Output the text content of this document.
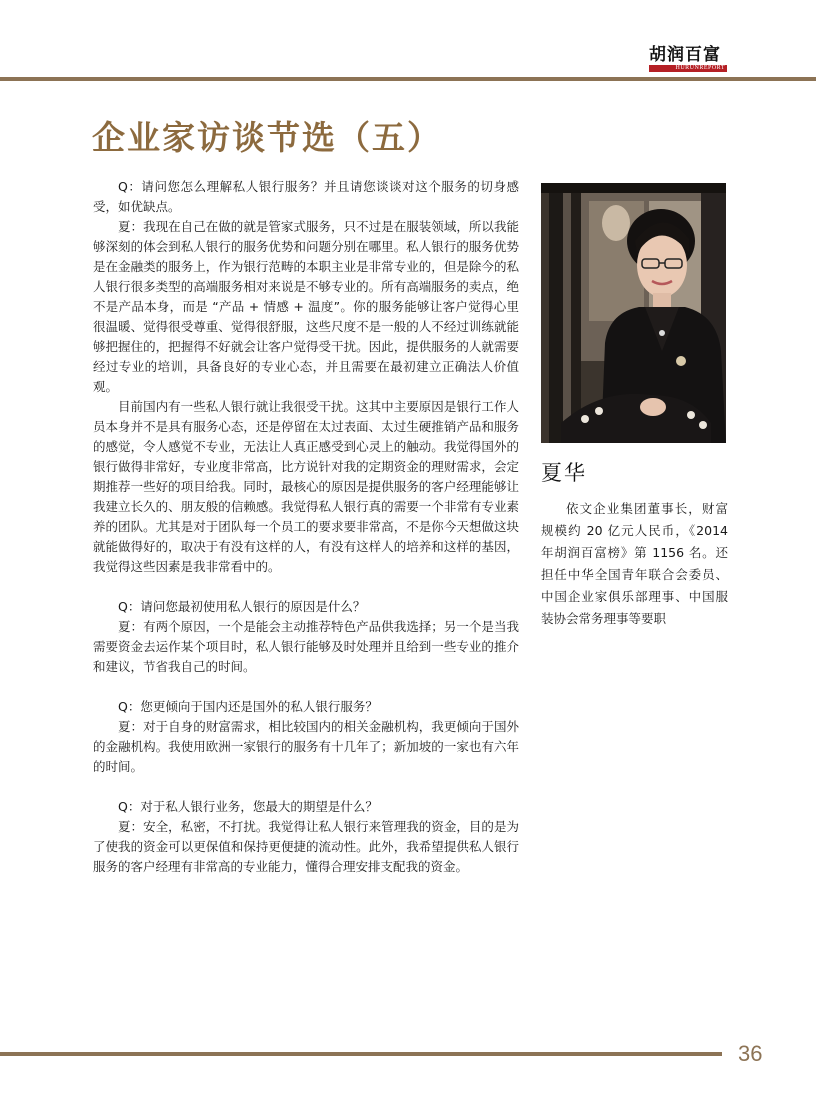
胡润百富
HURUNREPORT
企业家访谈节选（五）

Q：请问您怎么理解私人银行服务？并且请您谈谈对这个服务的切身感受，如优缺点。

夏：我现在自己在做的就是管家式服务，只不过是在服装领域，所以我能够深刻的体会到私人银行的服务优势和问题分别在哪里。私人银行的服务优势是在金融类的服务上，作为银行范畴的本职主业是非常专业的，但是除今的私人银行很多类型的高端服务相对来说是不够专业的。所有高端服务的卖点，绝不是产品本身，而是 “产品 + 情感 + 温度”。你的服务能够让客户觉得心里很温暖、觉得很受尊重、觉得很舒服，这些尺度不是一般的人不经过训练就能够把握住的，把握得不好就会让客户觉得受干扰。因此，提供服务的人就需要经过专业的培训，具备良好的专业心态，并且需要在最初建立正确法人价值观。

目前国内有一些私人银行就让我很受干扰。这其中主要原因是银行工作人员本身并不是具有服务心态，还是停留在太过表面、太过生硬推销产品和服务的感觉，令人感觉不专业，无法让人真正感受到心灵上的触动。我觉得国外的银行做得非常好，专业度非常高，比方说针对我的定期资金的理财需求，会定期推荐一些好的项目给我。同时，最核心的原因是提供服务的客户经理能够让我建立长久的、朋友般的信赖感。我觉得私人银行真的需要一个非常有专业素养的团队。尤其是对于团队每一个员工的要求要非常高，不是你今天想做这块就能做得好的，取决于有没有这样的人，有没有这样人的培养和这样的基因，我觉得这些因素是我非常看中的。

Q：请问您最初使用私人银行的原因是什么？

夏：有两个原因，一个是能会主动推荐特色产品供我选择；另一个是当我需要资金去运作某个项目时，私人银行能够及时处理并且给到一些专业的推介和建议，节省我自己的时间。

Q：您更倾向于国内还是国外的私人银行服务？

夏：对于自身的财富需求，相比较国内的相关金融机构，我更倾向于国外的金融机构。我使用欧洲一家银行的服务有十几年了；新加坡的一家也有六年的时间。

Q：对于私人银行业务，您最大的期望是什么？

夏：安全，私密，不打扰。我觉得让私人银行来管理我的资金，目的是为了使我的资金可以更保值和保持更便捷的流动性。此外，我希望提供私人银行服务的客户经理有非常高的专业能力，懂得合理安排支配我的资金。

夏华

依文企业集团董事长，财富规模约 20 亿元人民币，《2014 年胡润百富榜》第 1156 名。还担任中华全国青年联合会委员、中国企业家俱乐部理事、中国服装协会常务理事等要职

36
